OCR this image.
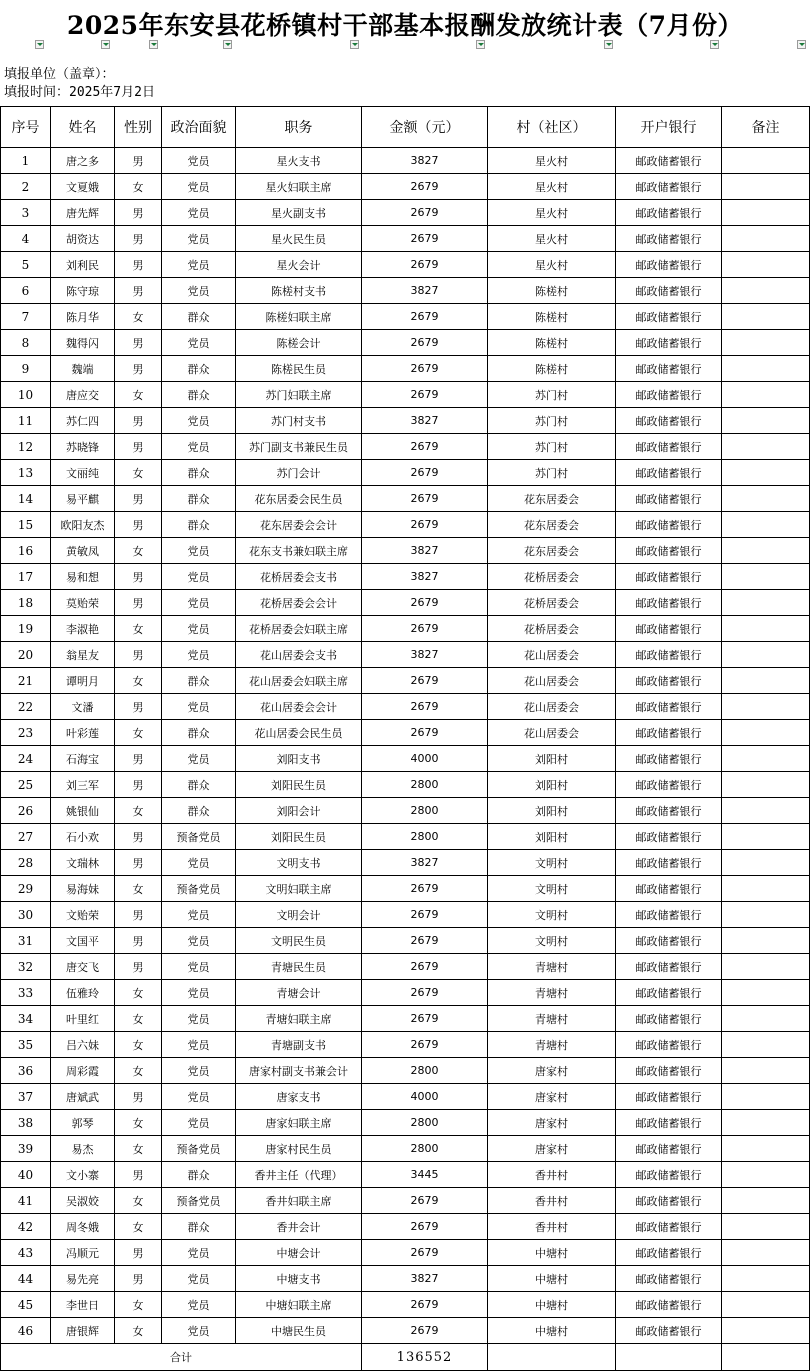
2025年东安县花桥镇村干部基本报酬发放统计表（7月份）
填报单位（盖章）：
填报时间：2025年7月2日
序号	姓名	性别	政治面貌	职务	金额（元）	村（社区）	开户银行	备注
1	唐之多	男	党员	星火支书	3827	星火村	邮政储蓄银行	
2	文夏娥	女	党员	星火妇联主席	2679	星火村	邮政储蓄银行	
3	唐先辉	男	党员	星火副支书	2679	星火村	邮政储蓄银行	
4	胡资达	男	党员	星火民生员	2679	星火村	邮政储蓄银行	
5	刘利民	男	党员	星火会计	2679	星火村	邮政储蓄银行	
6	陈守琼	男	党员	陈槎村支书	3827	陈槎村	邮政储蓄银行	
7	陈月华	女	群众	陈槎妇联主席	2679	陈槎村	邮政储蓄银行	
8	魏得闪	男	党员	陈槎会计	2679	陈槎村	邮政储蓄银行	
9	魏端	男	群众	陈槎民生员	2679	陈槎村	邮政储蓄银行	
10	唐应交	女	群众	苏门妇联主席	2679	苏门村	邮政储蓄银行	
11	苏仁四	男	党员	苏门村支书	3827	苏门村	邮政储蓄银行	
12	苏晓锋	男	党员	苏门副支书兼民生员	2679	苏门村	邮政储蓄银行	
13	文丽纯	女	群众	苏门会计	2679	苏门村	邮政储蓄银行	
14	易平麒	男	群众	花东居委会民生员	2679	花东居委会	邮政储蓄银行	
15	欧阳友杰	男	群众	花东居委会会计	2679	花东居委会	邮政储蓄银行	
16	黄敏凤	女	党员	花东支书兼妇联主席	3827	花东居委会	邮政储蓄银行	
17	易和想	男	党员	花桥居委会支书	3827	花桥居委会	邮政储蓄银行	
18	莫贻荣	男	党员	花桥居委会会计	2679	花桥居委会	邮政储蓄银行	
19	李淑艳	女	党员	花桥居委会妇联主席	2679	花桥居委会	邮政储蓄银行	
20	翁星友	男	党员	花山居委会支书	3827	花山居委会	邮政储蓄银行	
21	谭明月	女	群众	花山居委会妇联主席	2679	花山居委会	邮政储蓄银行	
22	文潘	男	党员	花山居委会会计	2679	花山居委会	邮政储蓄银行	
23	叶彩莲	女	群众	花山居委会民生员	2679	花山居委会	邮政储蓄银行	
24	石海宝	男	党员	刘阳支书	4000	刘阳村	邮政储蓄银行	
25	刘三军	男	群众	刘阳民生员	2800	刘阳村	邮政储蓄银行	
26	姚银仙	女	群众	刘阳会计	2800	刘阳村	邮政储蓄银行	
27	石小欢	男	预备党员	刘阳民生员	2800	刘阳村	邮政储蓄银行	
28	文瑞林	男	党员	文明支书	3827	文明村	邮政储蓄银行	
29	易海妹	女	预备党员	文明妇联主席	2679	文明村	邮政储蓄银行	
30	文贻荣	男	党员	文明会计	2679	文明村	邮政储蓄银行	
31	文国平	男	党员	文明民生员	2679	文明村	邮政储蓄银行	
32	唐交飞	男	党员	青塘民生员	2679	青塘村	邮政储蓄银行	
33	伍雅玲	女	党员	青塘会计	2679	青塘村	邮政储蓄银行	
34	叶里红	女	党员	青塘妇联主席	2679	青塘村	邮政储蓄银行	
35	吕六妹	女	党员	青塘副支书	2679	青塘村	邮政储蓄银行	
36	周彩霞	女	党员	唐家村副支书兼会计	2800	唐家村	邮政储蓄银行	
37	唐斌武	男	党员	唐家支书	4000	唐家村	邮政储蓄银行	
38	郭琴	女	党员	唐家妇联主席	2800	唐家村	邮政储蓄银行	
39	易杰	女	预备党员	唐家村民生员	2800	唐家村	邮政储蓄银行	
40	文小寨	男	群众	香井主任（代理）	3445	香井村	邮政储蓄银行	
41	吴淑姣	女	预备党员	香井妇联主席	2679	香井村	邮政储蓄银行	
42	周冬娥	女	群众	香井会计	2679	香井村	邮政储蓄银行	
43	冯顺元	男	党员	中塘会计	2679	中塘村	邮政储蓄银行	
44	易先亮	男	党员	中塘支书	3827	中塘村	邮政储蓄银行	
45	李世日	女	党员	中塘妇联主席	2679	中塘村	邮政储蓄银行	
46	唐银辉	女	党员	中塘民生员	2679	中塘村	邮政储蓄银行	
合计					136552			
